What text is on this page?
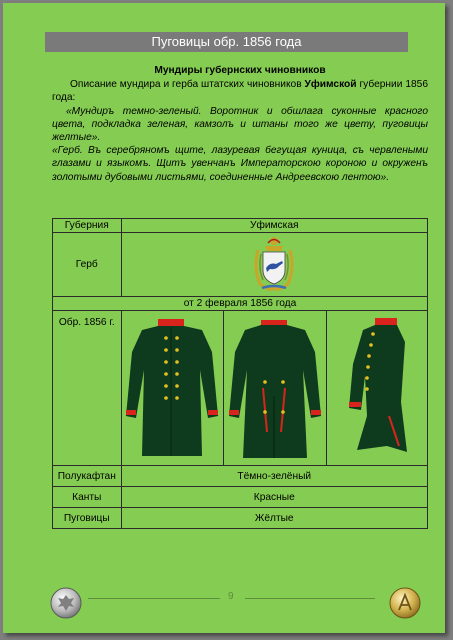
Пуговицы обр. 1856 года

Мундиры губернских чиновников

Описание мундира и герба штатских чиновников Уфимской губернии 1856 года:

«Мундиръ темно-зеленый. Воротник и обшлага суконные красного цвета, подкладка зеленая, камзолъ и штаны того же цвету, пуговицы желтые».

«Герб. Въ серебряномъ щите, лазуревая бегущая куница, съ червлеными глазами и языкомъ. Щитъ увенчанъ Императорскою короною и окруженъ золотыми дубовыми листьями, соединенные Андреевскою лентою».

Губерния	Уфимская		
Герб	
от 2 февраля 1856 года			
Обр. 1856 г.			
Полукафтан	Тёмно-зелёный		
Канты	Красные		
Пуговицы	Жёлтые		
9
